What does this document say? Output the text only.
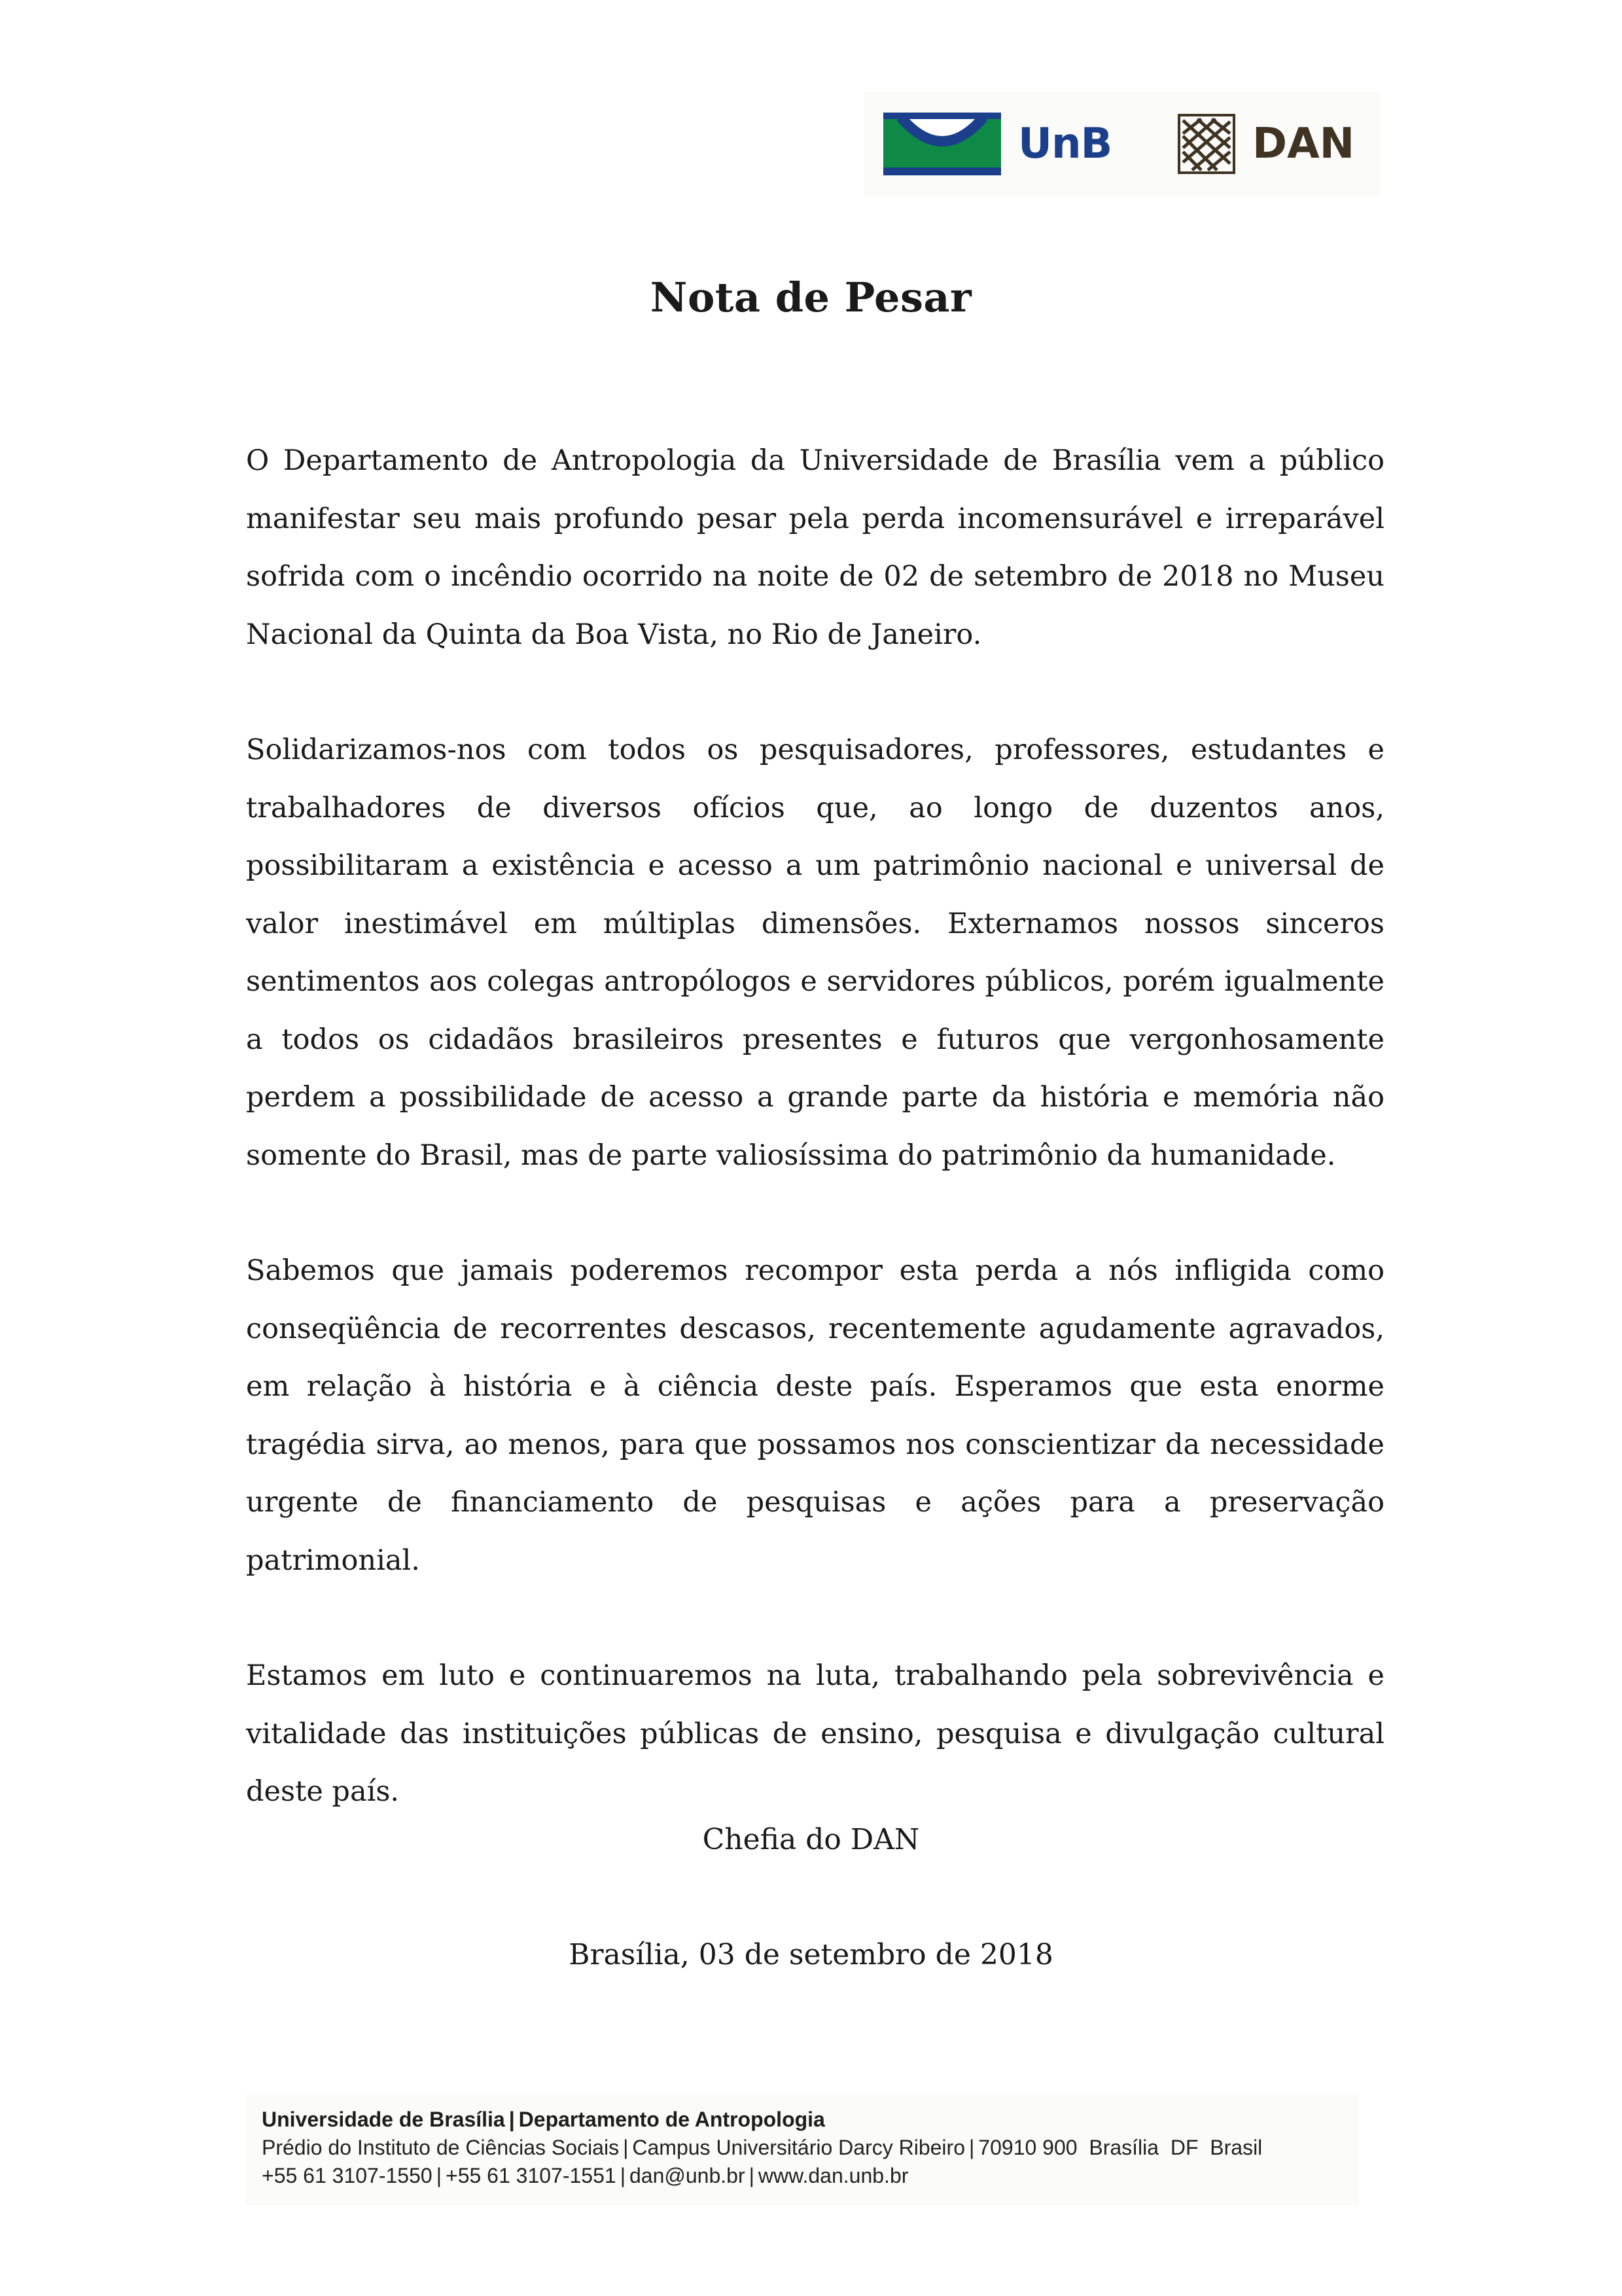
UnB	DAN
Nota de Pesar

O Departamento de Antropologia da Universidade de Brasília vem a público manifestar seu mais profundo pesar pela perda incomensurável e irreparável sofrida com o incêndio ocorrido na noite de 02 de setembro de 2018 no Museu Nacional da Quinta da Boa Vista, no Rio de Janeiro.

Solidarizamos-nos com todos os pesquisadores, professores, estudantes e trabalhadores de diversos ofícios que, ao longo de duzentos anos, possibilitaram a existência e acesso a um patrimônio nacional e universal de valor inestimável em múltiplas dimensões. Externamos nossos sinceros sentimentos aos colegas antropólogos e servidores públicos, porém igualmente a todos os cidadãos brasileiros presentes e futuros que vergonhosamente perdem a possibilidade de acesso a grande parte da história e memória não somente do Brasil, mas de parte valiosíssima do patrimônio da humanidade.

Sabemos que jamais poderemos recompor esta perda a nós infligida como conseqüência de recorrentes descasos, recentemente agudamente agravados, em relação à história e à ciência deste país. Esperamos que esta enorme tragédia sirva, ao menos, para que possamos nos conscientizar da necessidade urgente de financiamento de pesquisas e ações para a preservação patrimonial.

Estamos em luto e continuaremos na luta, trabalhando pela sobrevivência e vitalidade das instituições públicas de ensino, pesquisa e divulgação cultural deste país.

Chefia do DAN

Brasília, 03 de setembro de 2018

Universidade de Brasília | Departamento de Antropologia
Prédio do Instituto de Ciências Sociais | Campus Universitário Darcy Ribeiro | 70910 900  Brasília  DF  Brasil
+55 61 3107-1550 | +55 61 3107-1551 | dan@unb.br | www.dan.unb.br
